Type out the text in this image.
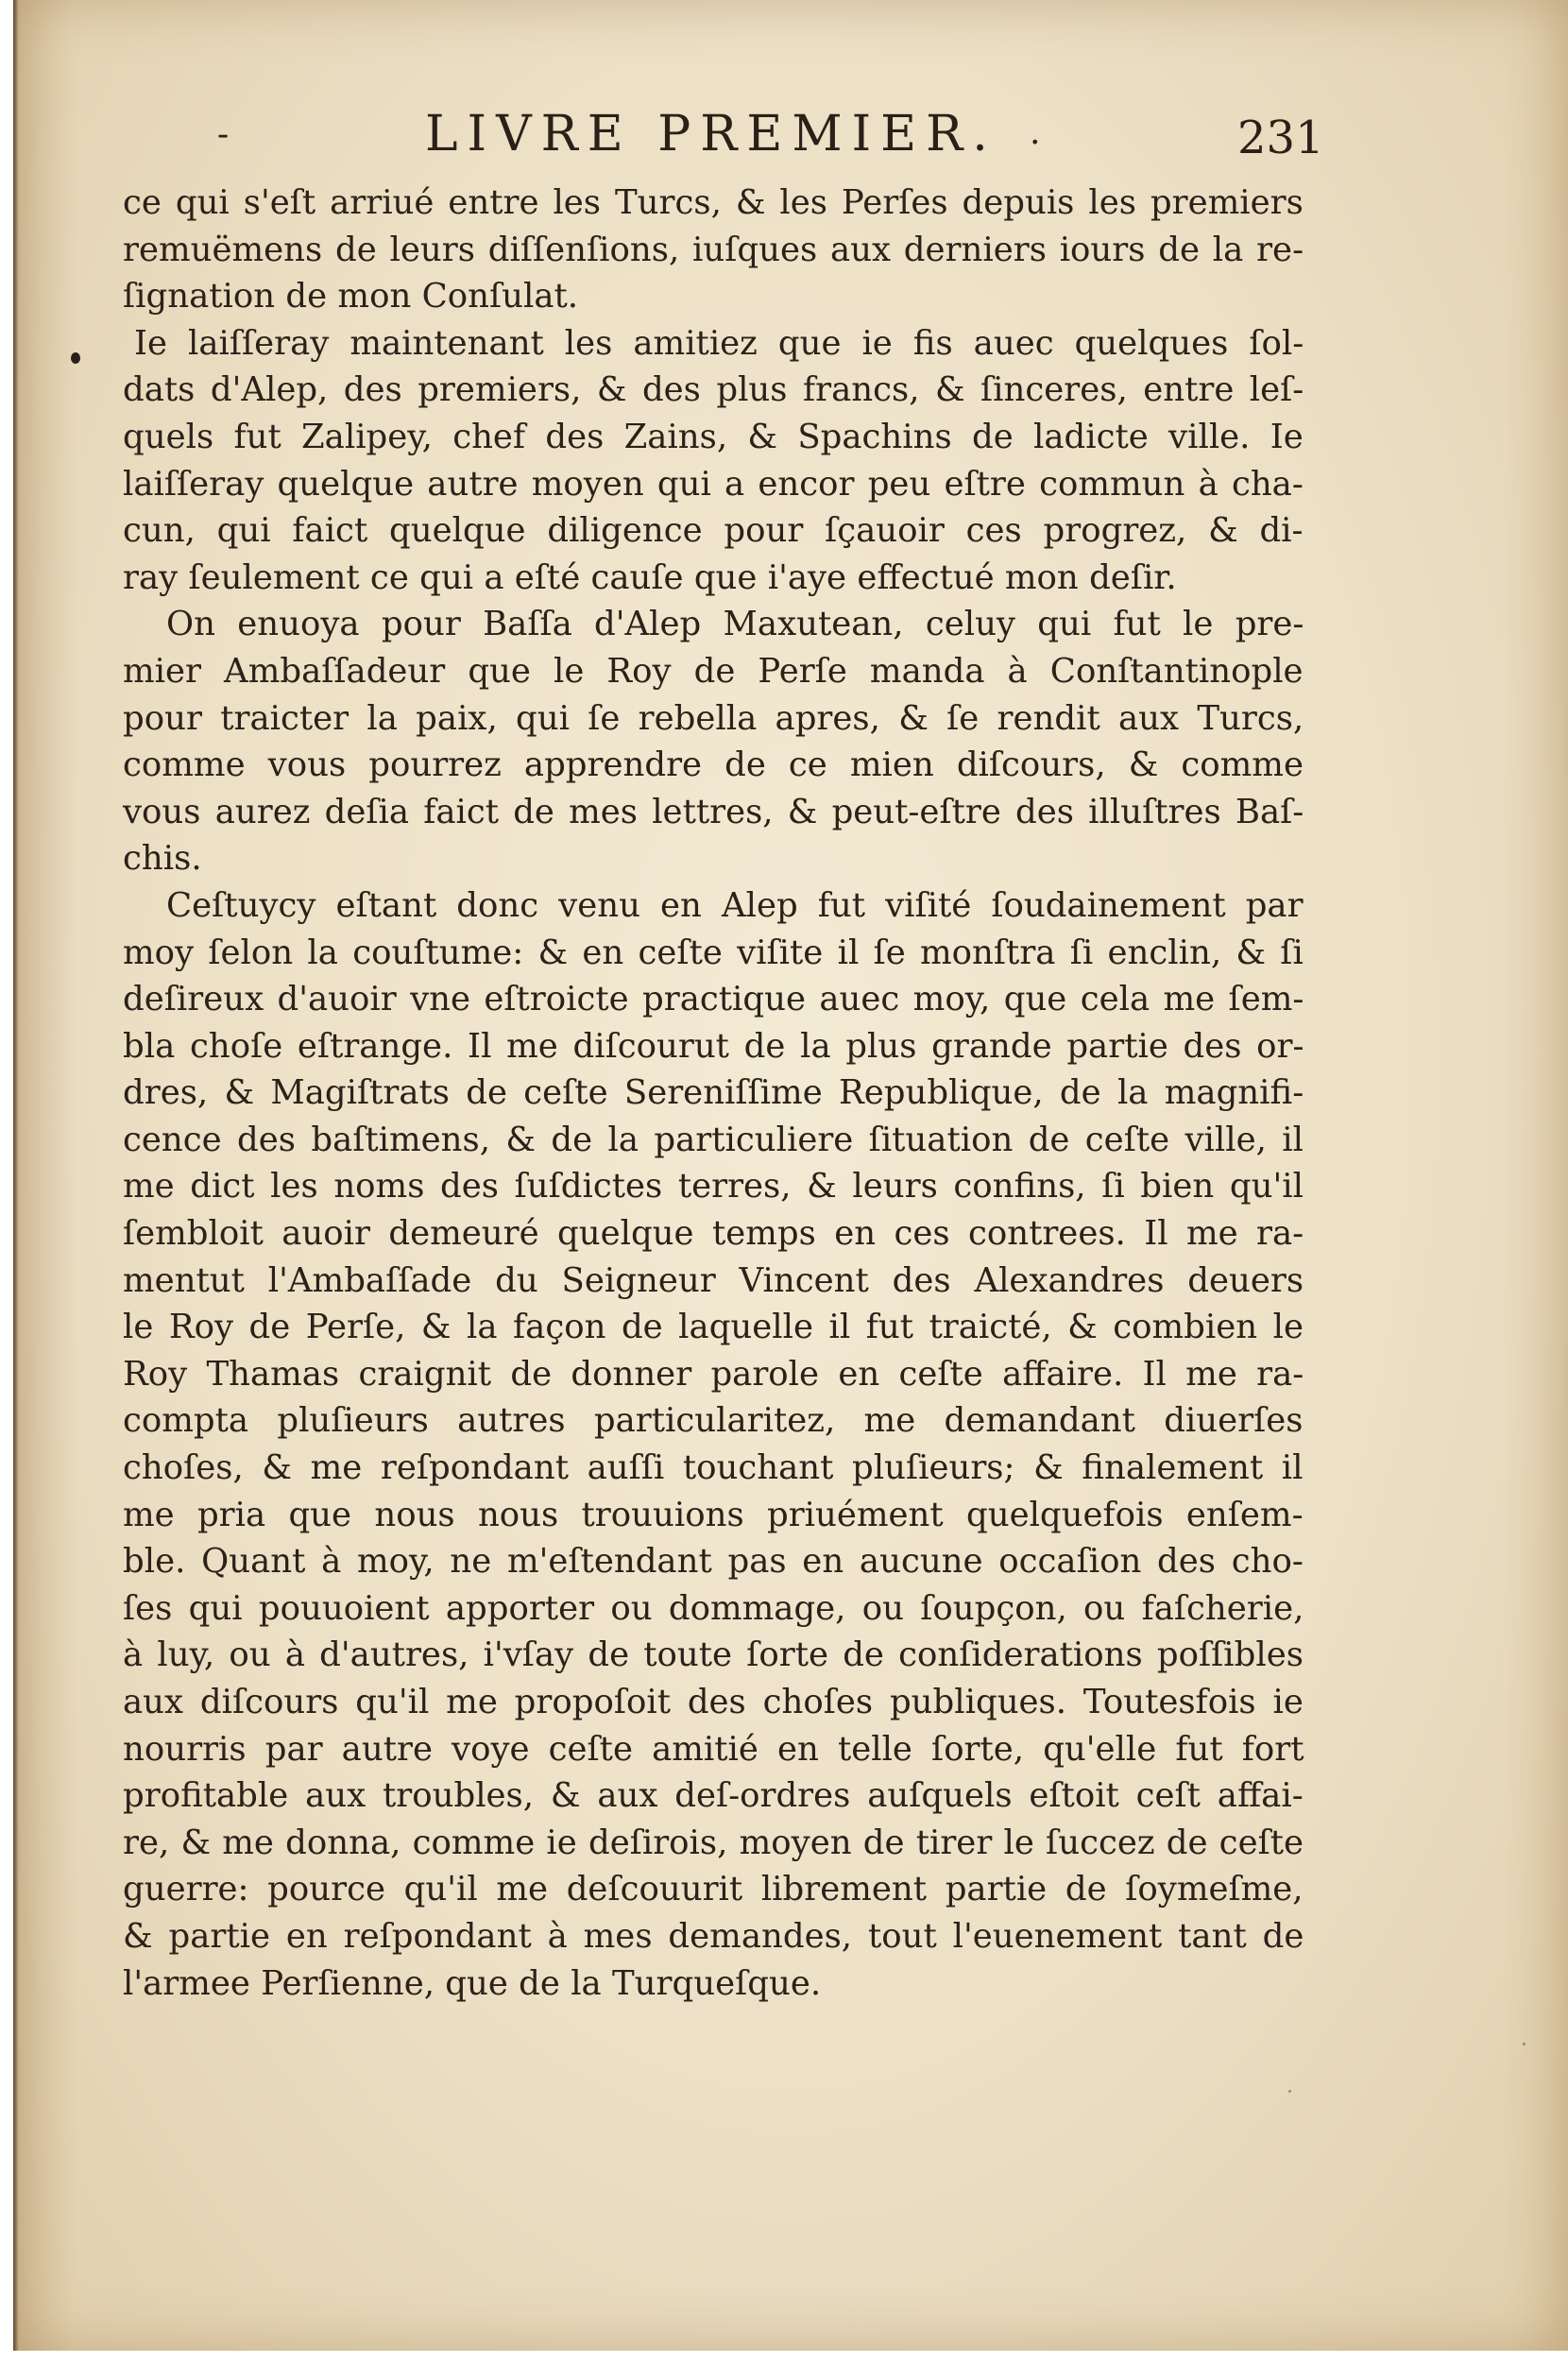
-	LIVRE PREMIER. .	231
ce qui s'eſt arriué entre les Turcs, & les Perſes depuis les premiers
remuëmens de leurs diſſenſions, iuſques aux derniers iours de la re-
ſignation de mon Conſulat.
Ie laiſſeray maintenant les amitiez que ie fis auec quelques ſol-
dats d'Alep, des premiers, & des plus francs, & ſinceres, entre leſ-
quels fut Zalipey, chef des Zains, & Spachins de ladicte ville. Ie
laiſſeray quelque autre moyen qui a encor peu eſtre commun à cha-
cun, qui faict quelque diligence pour ſçauoir ces progrez, & di-
ray ſeulement ce qui a eſté cauſe que i'aye effectué mon deſir.
On enuoya pour Baſſa d'Alep Maxutean, celuy qui fut le pre-
mier Ambaſſadeur que le Roy de Perſe manda à Conſtantinople
pour traicter la paix, qui ſe rebella apres, & ſe rendit aux Turcs,
comme vous pourrez apprendre de ce mien diſcours, & comme
vous aurez deſia faict de mes lettres, & peut-eſtre des illuſtres Baſ-
chis.
Ceſtuycy eſtant donc venu en Alep fut viſité ſoudainement par
moy ſelon la couſtume: & en ceſte viſite il ſe monſtra ſi enclin, & ſi
deſireux d'auoir vne eſtroicte practique auec moy, que cela me ſem-
bla choſe eſtrange. Il me diſcourut de la plus grande partie des or-
dres, & Magiſtrats de ceſte Sereniſſime Republique, de la magnifi-
cence des baſtimens, & de la particuliere ſituation de ceſte ville, il
me dict les noms des ſuſdictes terres, & leurs confins, ſi bien qu'il
ſembloit auoir demeuré quelque temps en ces contrees. Il me ra-
mentut l'Ambaſſade du Seigneur Vincent des Alexandres deuers
le Roy de Perſe, & la façon de laquelle il fut traicté, & combien le
Roy Thamas craignit de donner parole en ceſte affaire. Il me ra-
compta pluſieurs autres particularitez, me demandant diuerſes
choſes, & me reſpondant auſſi touchant pluſieurs; & finalement il
me pria que nous nous trouuions priuément quelquefois enſem-
ble. Quant à moy, ne m'eſtendant pas en aucune occaſion des cho-
ſes qui pouuoient apporter ou dommage, ou ſoupçon, ou faſcherie,
à luy, ou à d'autres, i'vſay de toute ſorte de conſiderations poſſibles
aux diſcours qu'il me propoſoit des choſes publiques. Toutesfois ie
nourris par autre voye ceſte amitié en telle ſorte, qu'elle fut fort
profitable aux troubles, & aux deſ-ordres auſquels eſtoit ceſt affai-
re, & me donna, comme ie deſirois, moyen de tirer le ſuccez de ceſte
guerre: pource qu'il me deſcouurit librement partie de ſoymeſme,
& partie en reſpondant à mes demandes, tout l'euenement tant de
l'armee Perſienne, que de la Turqueſque.
